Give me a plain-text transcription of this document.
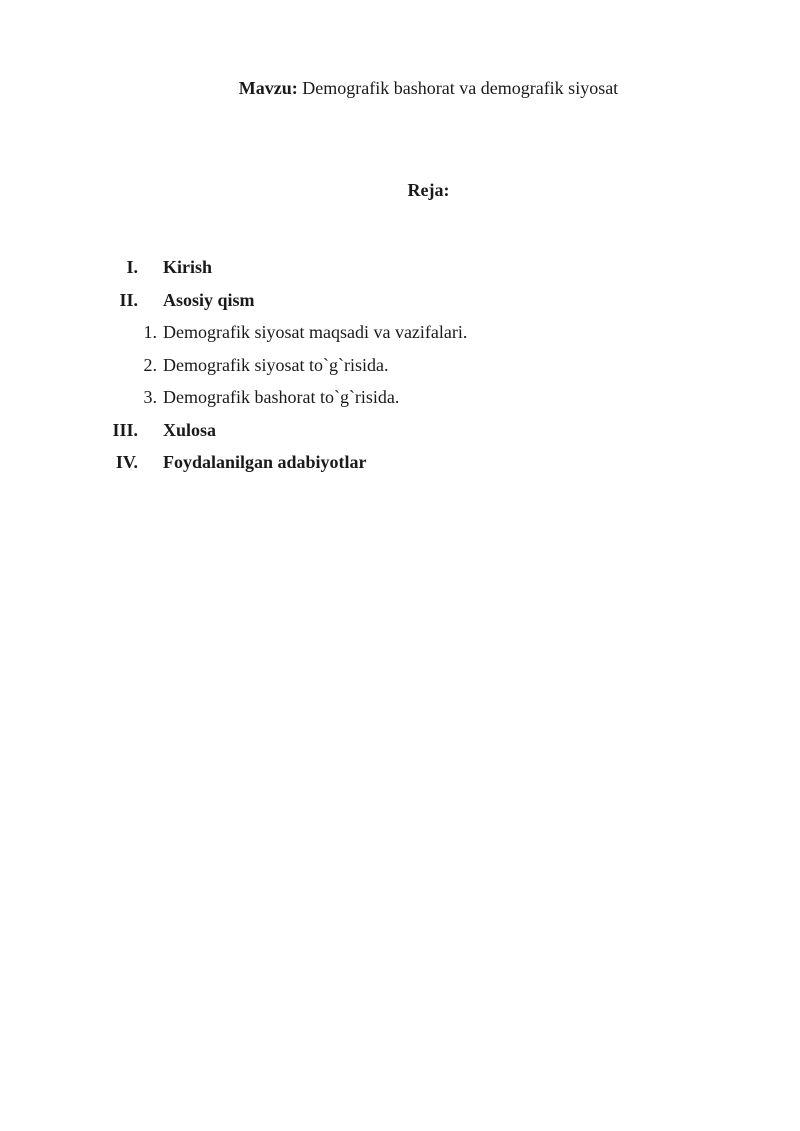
Mavzu: Demografik bashorat va demografik siyosat
Reja:
I. Kirish
II. Asosiy qism
1. Demografik siyosat maqsadi va vazifalari.
2. Demografik siyosat to`g`risida.
3. Demografik bashorat to`g`risida.
III. Xulosa
IV. Foydalanilgan adabiyotlar
